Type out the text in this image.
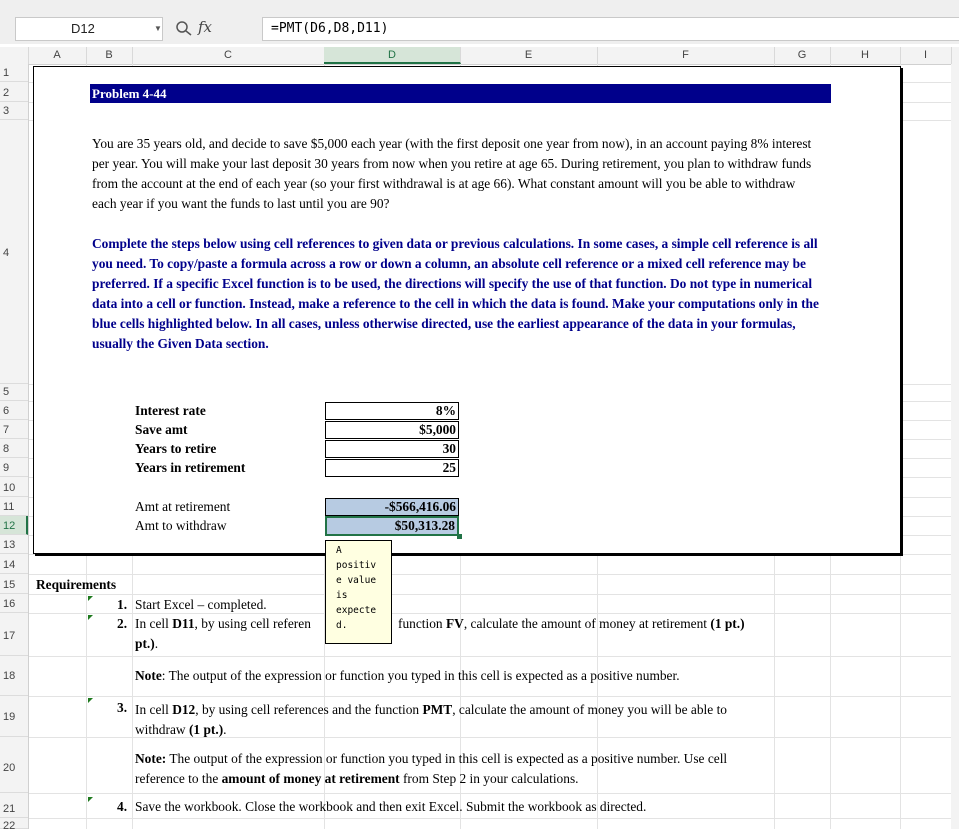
D12	▼ fx	=PMT(D6,D8,D11)
A	B	C	D	E	F	G	H	I
1
2
3
4
5
6
7
8
9
10
11
12
13
14
15
16
17
18
19
20
21
22
Problem 4-44
You are 35 years old, and decide to save $5,000 each year (with the first deposit one year from now), in an account paying 8% interest per year. You will make your last deposit 30 years from now when you retire at age 65. During retirement, you plan to withdraw funds from the account at the end of each year (so your first withdrawal is at age 66). What constant amount will you be able to withdraw each year if you want the funds to last until you are 90?
Complete the steps below using cell references to given data or previous calculations. In some cases, a simple cell reference is all you need. To copy/paste a formula across a row or down a column, an absolute cell reference or a mixed cell reference may be preferred. If a specific Excel function is to be used, the directions will specify the use of that function. Do not type in numerical data into a cell or function. Instead, make a reference to the cell in which the data is found. Make your computations only in the blue cells highlighted below. In all cases, unless otherwise directed, use the earliest appearance of the data in your formulas, usually the Given Data section.
Interest rate	8%
Save amt	$5,000
Years to retire	30
Years in retirement	25
Amt at retirement	-$566,416.06
Amt to withdraw	$50,313.28
Requirements
1. Start Excel – completed.
2. In cell D11, by using cell referen	function FV, calculate the amount of money at retirement (1 pt.)
pt.).
Note: The output of the expression or function you typed in this cell is expected as a positive number.
3. In cell D12, by using cell references and the function PMT, calculate the amount of money you will be able to withdraw (1 pt.).
Note: The output of the expression or function you typed in this cell is expected as a positive number. Use cell reference to the amount of money at retirement from Step 2 in your calculations.
4. Save the workbook. Close the workbook and then exit Excel. Submit the workbook as directed.
A
positiv
e value
is
expecte
d.
